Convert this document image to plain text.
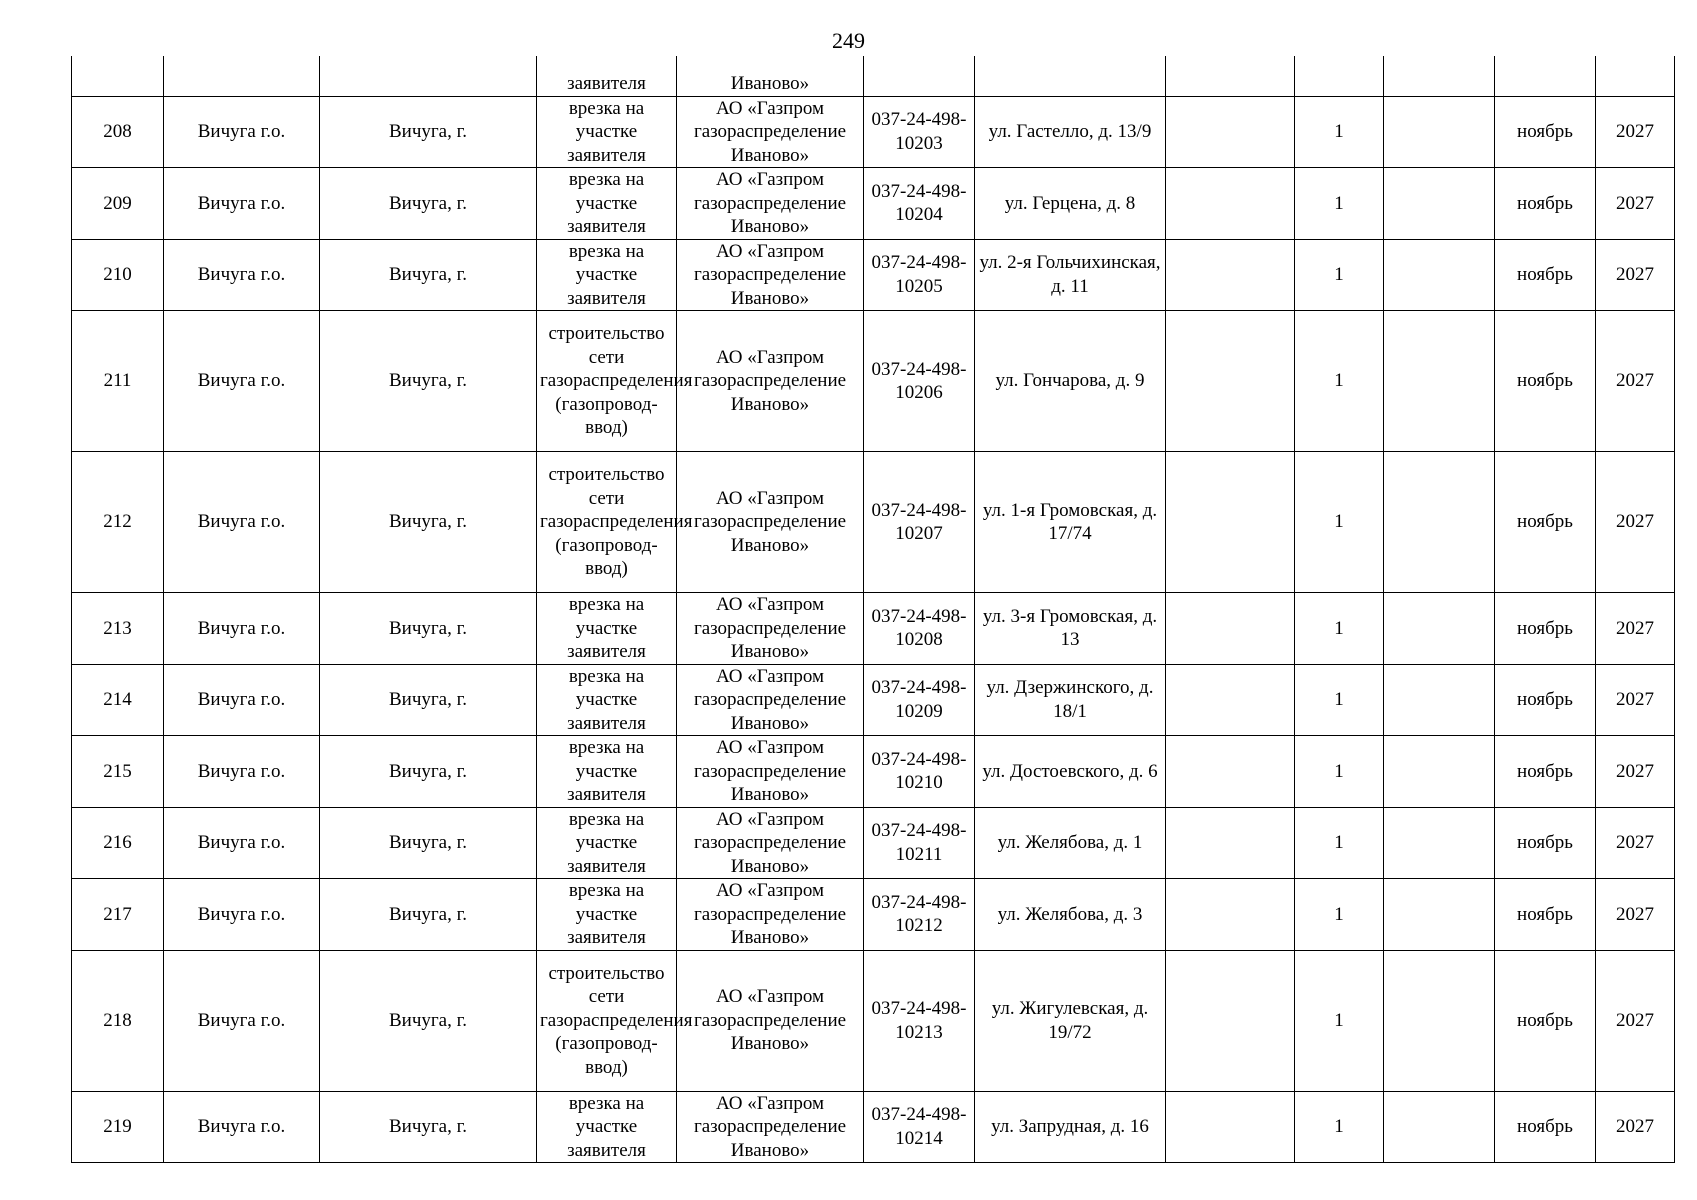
249
			заявителя	Иваново»							
208	Вичуга г.о.	Вичуга, г.	врезка на участке заявителя	АО «Газпром газораспределение Иваново»	037-24-498-10203	ул. Гастелло, д. 13/9		1		ноябрь	2027
209	Вичуга г.о.	Вичуга, г.	врезка на участке заявителя	АО «Газпром газораспределение Иваново»	037-24-498-10204	ул. Герцена, д. 8		1		ноябрь	2027
210	Вичуга г.о.	Вичуга, г.	врезка на участке заявителя	АО «Газпром газораспределение Иваново»	037-24-498-10205	ул. 2-я Гольчихинская, д. 11		1		ноябрь	2027
211	Вичуга г.о.	Вичуга, г.	строительство сети газораспределения (газопровод-ввод)	АО «Газпром газораспределение Иваново»	037-24-498-10206	ул. Гончарова, д. 9		1		ноябрь	2027
212	Вичуга г.о.	Вичуга, г.	строительство сети газораспределения (газопровод-ввод)	АО «Газпром газораспределение Иваново»	037-24-498-10207	ул. 1-я Громовская, д. 17/74		1		ноябрь	2027
213	Вичуга г.о.	Вичуга, г.	врезка на участке заявителя	АО «Газпром газораспределение Иваново»	037-24-498-10208	ул. 3-я Громовская, д. 13		1		ноябрь	2027
214	Вичуга г.о.	Вичуга, г.	врезка на участке заявителя	АО «Газпром газораспределение Иваново»	037-24-498-10209	ул. Дзержинского, д. 18/1		1		ноябрь	2027
215	Вичуга г.о.	Вичуга, г.	врезка на участке заявителя	АО «Газпром газораспределение Иваново»	037-24-498-10210	ул. Достоевского, д. 6		1		ноябрь	2027
216	Вичуга г.о.	Вичуга, г.	врезка на участке заявителя	АО «Газпром газораспределение Иваново»	037-24-498-10211	ул. Желябова, д. 1		1		ноябрь	2027
217	Вичуга г.о.	Вичуга, г.	врезка на участке заявителя	АО «Газпром газораспределение Иваново»	037-24-498-10212	ул. Желябова, д. 3		1		ноябрь	2027
218	Вичуга г.о.	Вичуга, г.	строительство сети газораспределения (газопровод-ввод)	АО «Газпром газораспределение Иваново»	037-24-498-10213	ул. Жигулевская, д. 19/72		1		ноябрь	2027
219	Вичуга г.о.	Вичуга, г.	врезка на участке заявителя	АО «Газпром газораспределение Иваново»	037-24-498-10214	ул. Запрудная, д. 16		1		ноябрь	2027
